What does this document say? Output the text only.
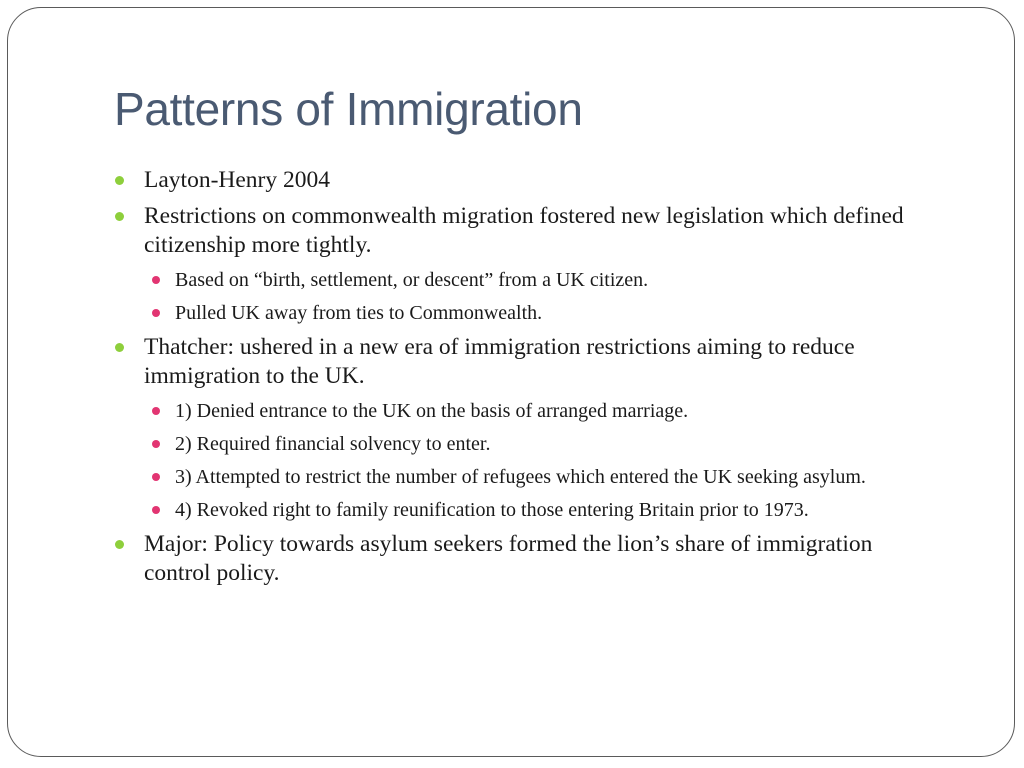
Patterns of Immigration
Layton-Henry 2004
Restrictions on commonwealth migration fostered new legislation which defined citizenship more tightly.
Based on “birth, settlement, or descent” from a UK citizen.
Pulled UK away from ties to Commonwealth.
Thatcher: ushered in a new era of immigration restrictions aiming to reduce immigration to the UK.
1) Denied entrance to the UK on the basis of arranged marriage.
2) Required financial solvency to enter.
3) Attempted to restrict the number of refugees which entered the UK seeking asylum.
4) Revoked right to family reunification to those entering Britain prior to 1973.
Major: Policy towards asylum seekers formed the lion’s share of immigration control policy.
